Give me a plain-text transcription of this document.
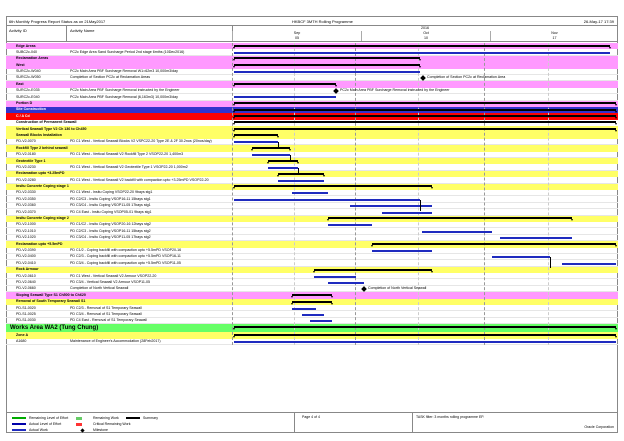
6th Monthly Progress Report Status as on 21May2017	HKBCF 3MTH Rolling Programme	26-May-17 17:39
Activity ID	Activity Name	2016
Sep
05
Oct
10
Nov
17
Edge Areas
SUBC2c-040	PC2c Edge Area Sand Surcharge Period 2nd stage 6mths (10Dec2016)
Reclamation Areas
West
SURC2c-W040	PC2c Main Area PBF Surcharge Removal W1=62m3 10,000m3/day
SURC2c-W050	Completion of Section PC2c at Reclamation Areas
East
SURC2c-E035	PC2c Main Area PBF Surcharge Removal instructed by the Engineer
SURC2c-E040	PC2c Main Area PBF Surcharge Removal (6,163m3) 10,000m3/day
Portion D
Site Construction
C / A Cd
Construction of Permanent Seawall
Vertical Seawall Type V2 Ch 136 to Ch450
Seawall Blocks Installation
PD-V2-0070	PD C1 West - Vertical Seawall Blocks V2 VSPC22-20 Type 2E & 2F 30.2nos (20nos/day)
Rockfill Type 2 behind seawall
PD-V2-0180	PD C1 West - Vertical Seawall V2 Rockfill Type 2 VSOP22-20 1,400m3
Geotextile Type 1
PD-V2-0230	PD C1 West - Vertical Seawall V2 Geotextile Type 1 VSOP22-20 1,000m2
Reclamation upto +3.25mPD
PD-V2-0280	PD C1 West - Vertical Seawall V2 backfill with compaction upto +3.25mPD VSOP22-20
Insitu Concrete Coping stage 1
PD-V2-0330	PD C1 West - Insitu Coping VSOP22-20 9bays stg1
PD-V2-0350	PD C2/C3 - Insitu Coping VSOP16-11 15bays stg1
PD-V2-0360	PD C3/C4 - Insitu Coping VSOP11-05 17bays stg1
PD-V2-0370	PD C4 East - Insitu Coping VSOP05-01 9bays stg1
Insitu Concrete Coping stage 2
PD-V2-1000	PD C1/C2 - Insitu Coping VSOP20-16 12bays stg2
PD-V2-1010	PD C2/C3 - Insitu Coping VSOP16-11 15bays stg2
PD-V2-1020	PD C3/C4 - Insitu Coping VSOP11-05 17bays stg2
Reclamation upto +5.5mPD
PD-V2-0390	PD C1/2 - Coping backfill with compaction upto +5.5mPD VSOP20-16
PD-V2-0400	PD C2/3 - Coping backfill with compaction upto +5.5mPD VSOP16-11
PD-V2-0410	PD C3/4 - Coping backfill with compaction upto +5.5mPD VSOP11-05
Rock Armour
PD-V2-0610	PD C1 West - Vertical Seawall V2 Armour VSOP22-20
PD-V2-0640	PD C3/4 - Vertical Seawall V2 Armour VSOP11-05
PD-V2-0660	Completion of North Vertical Seawall
Sloping Seawall Type S1 Ch500 to Ch620
Removal of South Temporary Seawall S1
PD-S1-0020	PD C2/3 - Removal of S1 Temporary Seawall
PD-S1-0025	PD C3/4 - Removal of S1 Temporary Seawall
PD-S1-0030	PD C4 East - Removal of S1 Temporary Seawall
Works Area WA2 (Tung Chung)
Zone A
A1680	Maintenance of Engineer's Accommodation (28Feb2017)
Completion of Section PC2c at Reclamation Area
PC2c Main Area PBF Surcharge Removal instructed by the Engineer
Completion of North Vertical Seawall
Remaining Level of Effort
Actual Level of Effort
Actual Work
Remaining Work
Critical Remaining Work
Milestone
Summary	Page 4 of 4	TASK filter: 3 months rolling programme EP.
Oracle Corporation
